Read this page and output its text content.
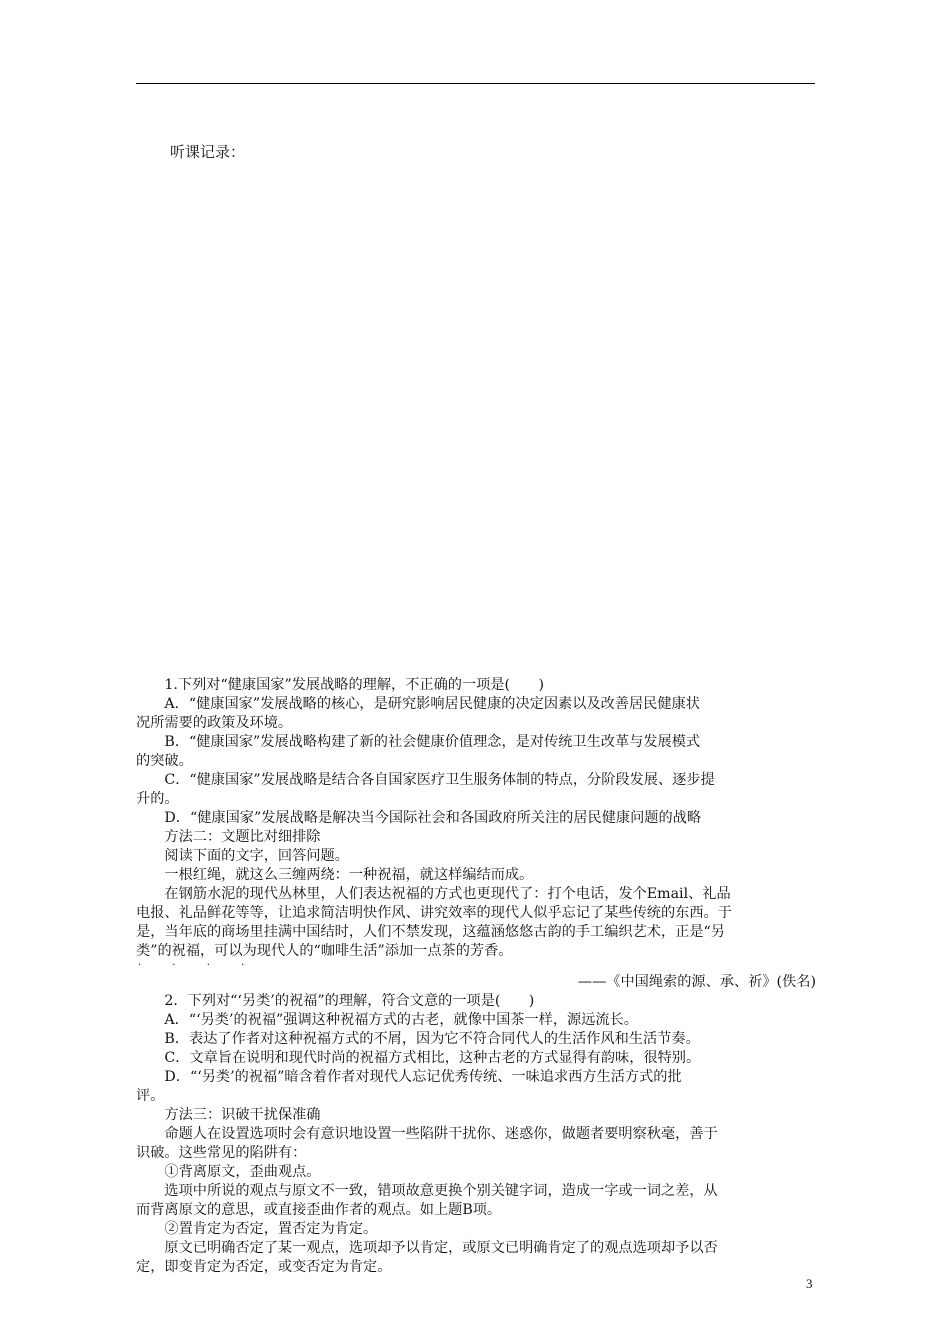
听课记录：

1.下列对“健康国家”发展战略的理解，不正确的一项是(　　)

A．“健康国家”发展战略的核心，是研究影响居民健康的决定因素以及改善居民健康状

况所需要的政策及环境。

B．“健康国家”发展战略构建了新的社会健康价值理念，是对传统卫生改革与发展模式

的突破。

C．“健康国家”发展战略是结合各自国家医疗卫生服务体制的特点，分阶段发展、逐步提

升的。

D．“健康国家”发展战略是解决当今国际社会和各国政府所关注的居民健康问题的战略

方法二：文题比对细排除

阅读下面的文字，回答问题。

一根红绳，就这么三缠两绕：一种祝福，就这样编结而成。

在钢筋水泥的现代丛林里，人们表达祝福的方式也更现代了：打个电话，发个Email、礼品

电报、礼品鲜花等等，让追求简洁明快作风、讲究效率的现代人似乎忘记了某些传统的东西。于

是，当年底的商场里挂满中国结时，人们不禁发现，这蕴涵悠悠古韵的手工编织艺术，正是“另

类”的祝福，可以为现代人的“咖啡生活”添加一点茶的芳香。

· · · ·

——《中国绳索的源、承、祈》(佚名)

2．下列对“‘另类’的祝福”的理解，符合文意的一项是(　　)

A．“‘另类’的祝福”强调这种祝福方式的古老，就像中国茶一样，源远流长。

B．表达了作者对这种祝福方式的不屑，因为它不符合同代人的生活作风和生活节奏。

C．文章旨在说明和现代时尚的祝福方式相比，这种古老的方式显得有韵味，很特别。

D．“‘另类’的祝福”暗含着作者对现代人忘记优秀传统、一味追求西方生活方式的批

评。

方法三：识破干扰保准确

命题人在设置选项时会有意识地设置一些陷阱干扰你、迷惑你，做题者要明察秋毫，善于

识破。这些常见的陷阱有：

①背离原文，歪曲观点。

选项中所说的观点与原文不一致，错项故意更换个别关键字词，造成一字或一词之差，从

而背离原文的意思，或直接歪曲作者的观点。如上题B项。

②置肯定为否定，置否定为肯定。

原文已明确否定了某一观点，选项却予以肯定，或原文已明确肯定了的观点选项却予以否

定，即变肯定为否定，或变否定为肯定。

3
